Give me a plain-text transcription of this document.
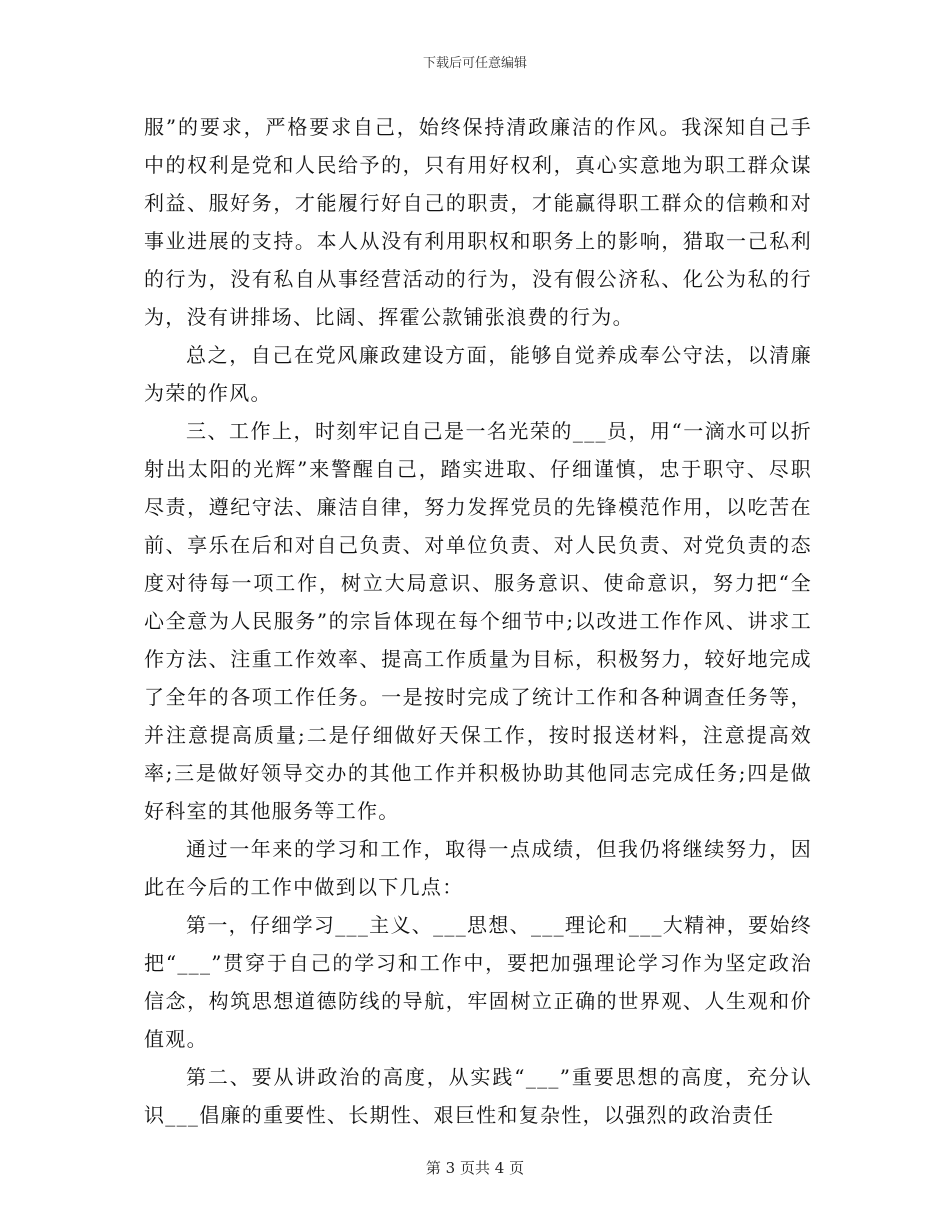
下载后可任意编辑

服”的要求，严格要求自己，始终保持清政廉洁的作风。我深知自己手中的权利是党和人民给予的，只有用好权利，真心实意地为职工群众谋利益、服好务，才能履行好自己的职责，才能赢得职工群众的信赖和对事业进展的支持。本人从没有利用职权和职务上的影响，猎取一己私利的行为，没有私自从事经营活动的行为，没有假公济私、化公为私的行为，没有讲排场、比阔、挥霍公款铺张浪费的行为。

总之，自己在党风廉政建设方面，能够自觉养成奉公守法，以清廉为荣的作风。

三、工作上，时刻牢记自己是一名光荣的___员，用“一滴水可以折射出太阳的光辉”来警醒自己，踏实进取、仔细谨慎，忠于职守、尽职尽责，遵纪守法、廉洁自律，努力发挥党员的先锋模范作用，以吃苦在前、享乐在后和对自己负责、对单位负责、对人民负责、对党负责的态度对待每一项工作，树立大局意识、服务意识、使命意识，努力把“全心全意为人民服务”的宗旨体现在每个细节中;以改进工作作风、讲求工作方法、注重工作效率、提高工作质量为目标，积极努力，较好地完成了全年的各项工作任务。一是按时完成了统计工作和各种调查任务等，并注意提高质量;二是仔细做好天保工作，按时报送材料，注意提高效率;三是做好领导交办的其他工作并积极协助其他同志完成任务;四是做好科室的其他服务等工作。

通过一年来的学习和工作，取得一点成绩，但我仍将继续努力，因此在今后的工作中做到以下几点：

第一，仔细学习___主义、___思想、___理论和___大精神，要始终把“___”贯穿于自己的学习和工作中，要把加强理论学习作为坚定政治信念，构筑思想道德防线的导航，牢固树立正确的世界观、人生观和价值观。

第二、要从讲政治的高度，从实践“___”重要思想的高度，充分认识___倡廉的重要性、长期性、艰巨性和复杂性，以强烈的政治责任

第 3 页共 4 页
